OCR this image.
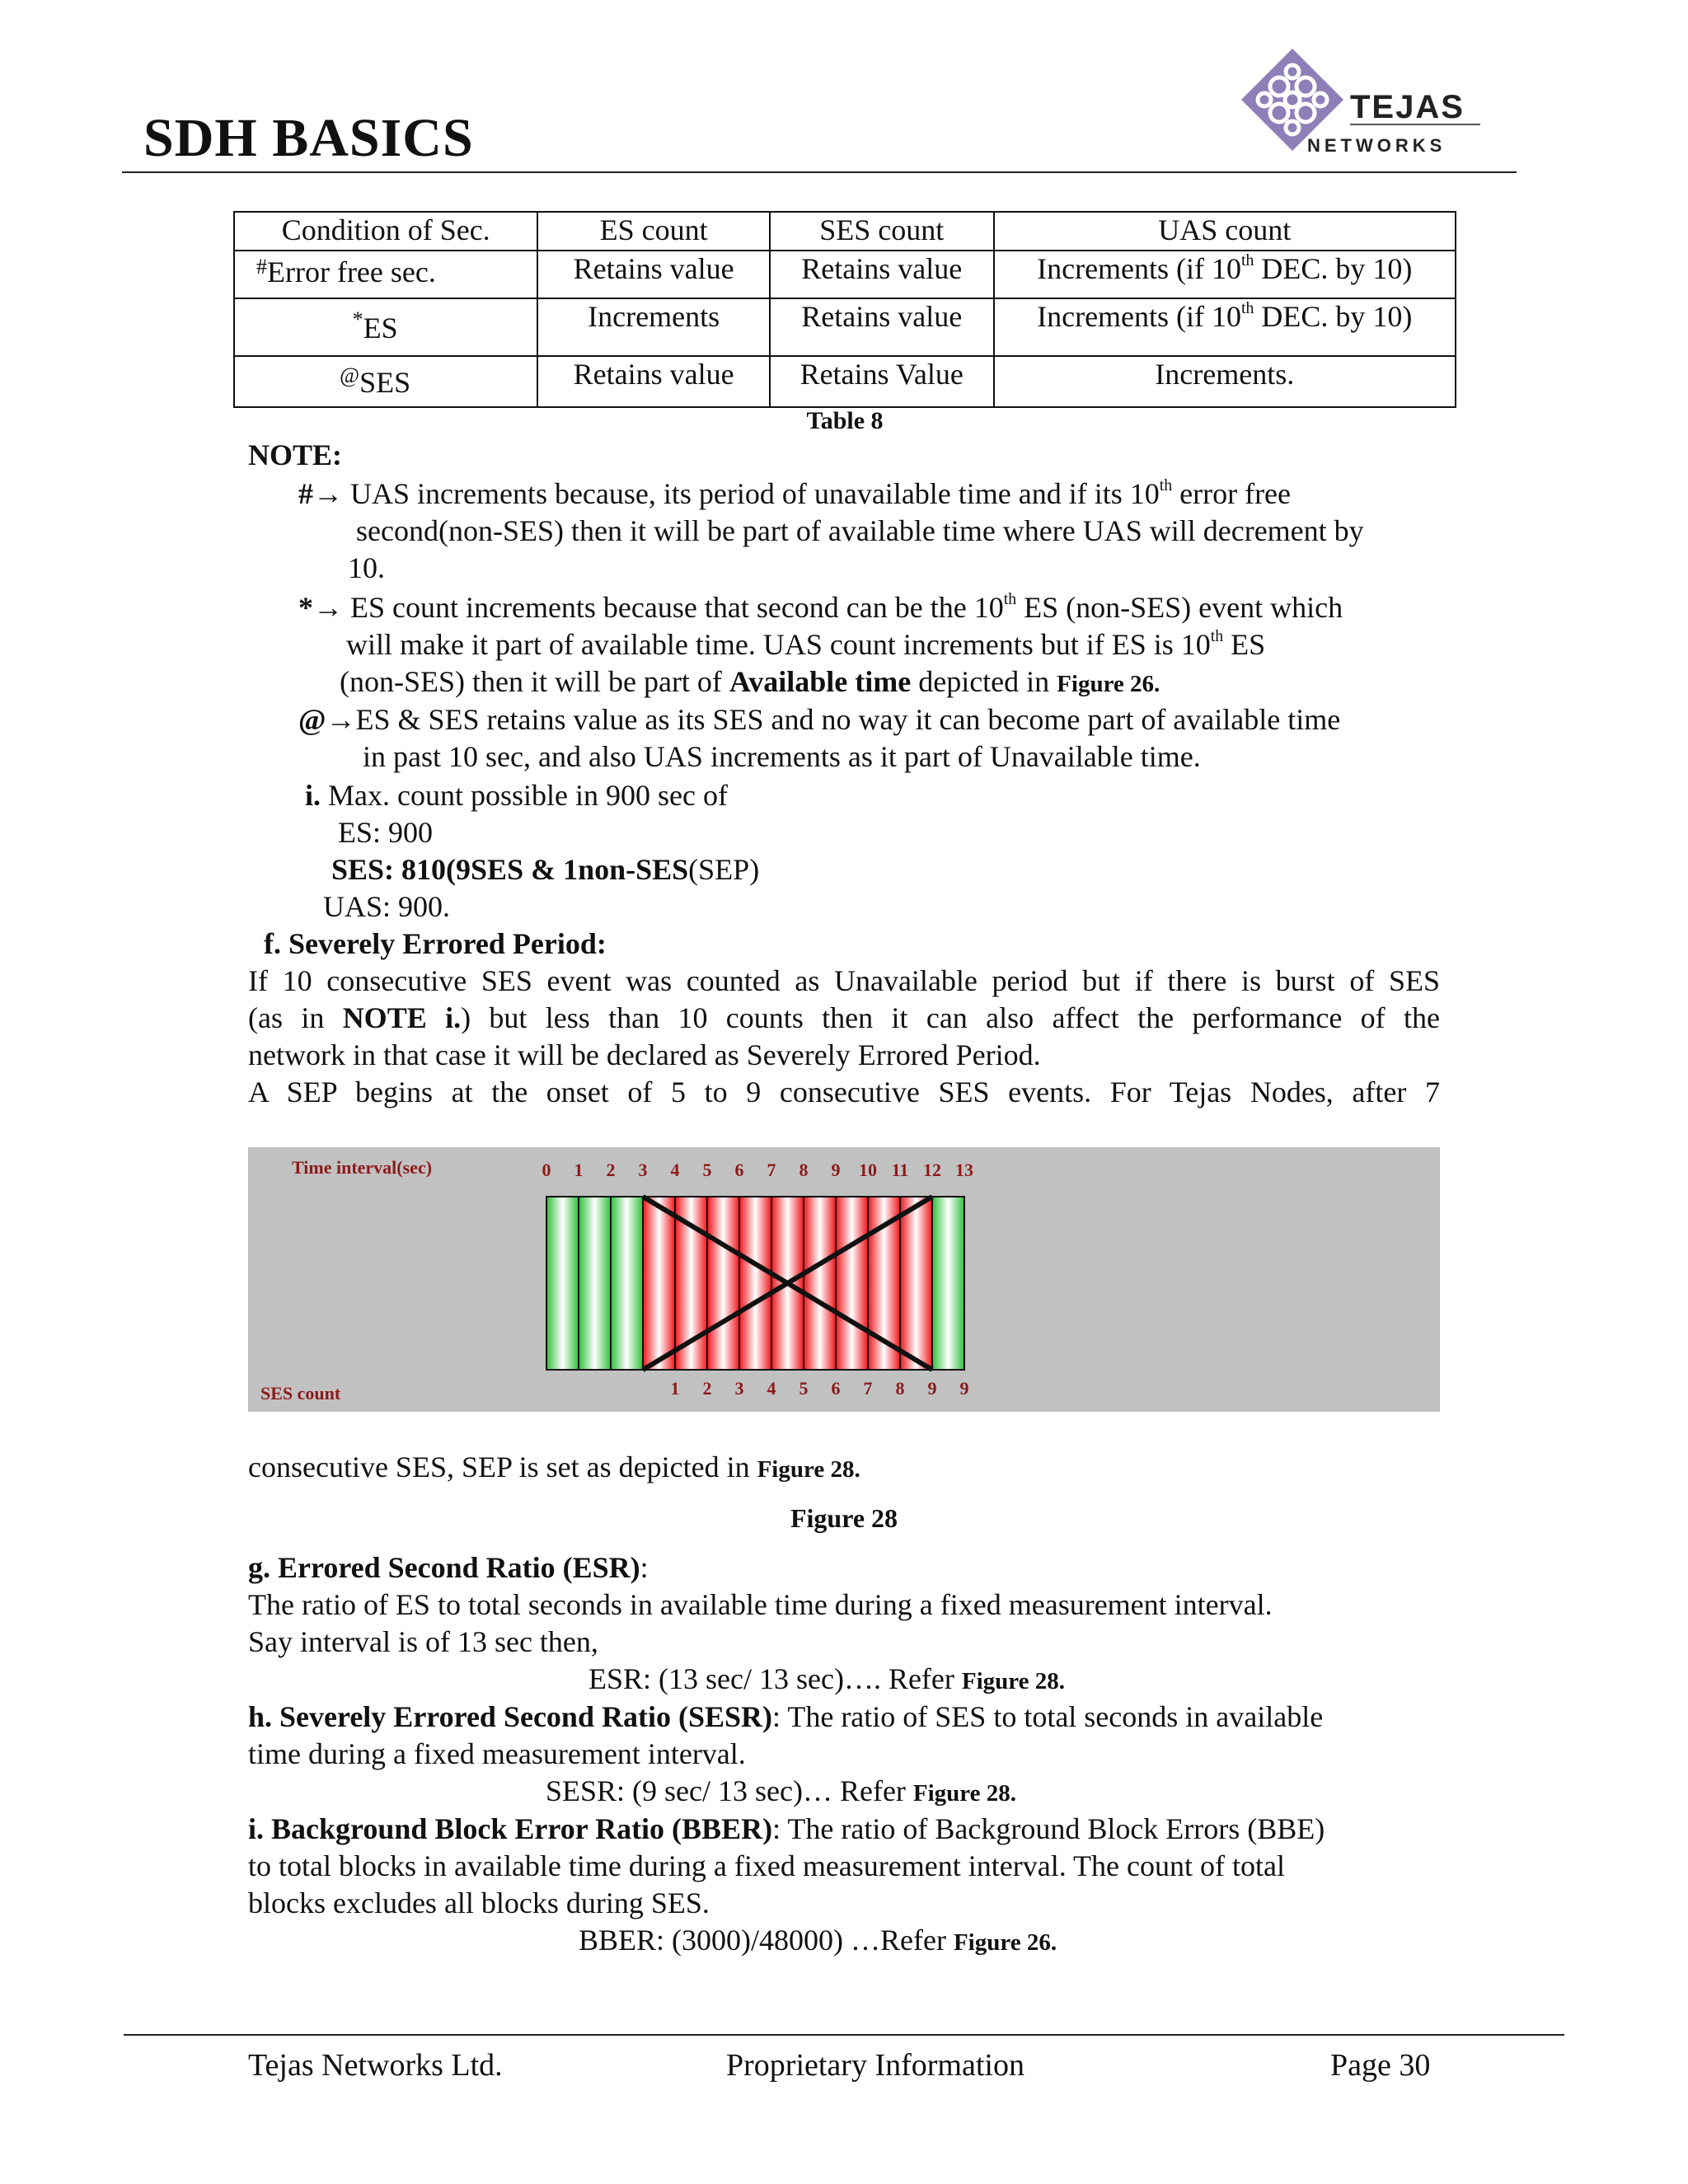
SDH BASICS
TEJAS
NETWORKS
Condition of Sec.	ES count	SES count	UAS count
#Error free sec.	Retains value	Retains value	Increments (if 10th DEC. by 10)
*ES	Increments	Retains value	Increments (if 10th DEC. by 10)
@SES	Retains value	Retains Value	Increments.
Table 8
NOTE:
#→ UAS increments because, its period of unavailable time and if its 10th error free
second(non-SES) then it will be part of available time where UAS will decrement by
10.
*→ ES count increments because that second can be the 10th ES (non-SES) event which
will make it part of available time. UAS count increments but if ES is 10th ES
(non-SES) then it will be part of Available time depicted in Figure 26.
@→ES & SES retains value as its SES and no way it can become part of available time
in past 10 sec, and also UAS increments as it part of Unavailable time.
i. Max. count possible in 900 sec of
ES: 900
SES: 810(9SES & 1non-SES(SEP)
UAS: 900.
f. Severely Errored Period:
If 10 consecutive SES event was counted as Unavailable period but if there is burst of SES
(as in NOTE i.) but less than 10 counts then it can also affect the performance of the
network in that case it will be declared as Severely Errored Period.
A SEP begins at the onset of 5 to 9 consecutive SES events. For Tejas Nodes, after 7
Time interval(sec)
SES count
0 1 2 3 4 5 6 7 8 9 10 11 12 13
1 2 3 4 5 6 7 8 9 9
consecutive SES, SEP is set as depicted in Figure 28.
Figure 28
g. Errored Second Ratio (ESR):
The ratio of ES to total seconds in available time during a fixed measurement interval.
Say interval is of 13 sec then,
ESR: (13 sec/ 13 sec)…. Refer Figure 28.
h. Severely Errored Second Ratio (SESR): The ratio of SES to total seconds in available
time during a fixed measurement interval.
SESR: (9 sec/ 13 sec)… Refer Figure 28.
i. Background Block Error Ratio (BBER): The ratio of Background Block Errors (BBE)
to total blocks in available time during a fixed measurement interval. The count of total
blocks excludes all blocks during SES.
BBER: (3000)/48000) …Refer Figure 26.
Tejas Networks Ltd.	Proprietary Information	Page 30
